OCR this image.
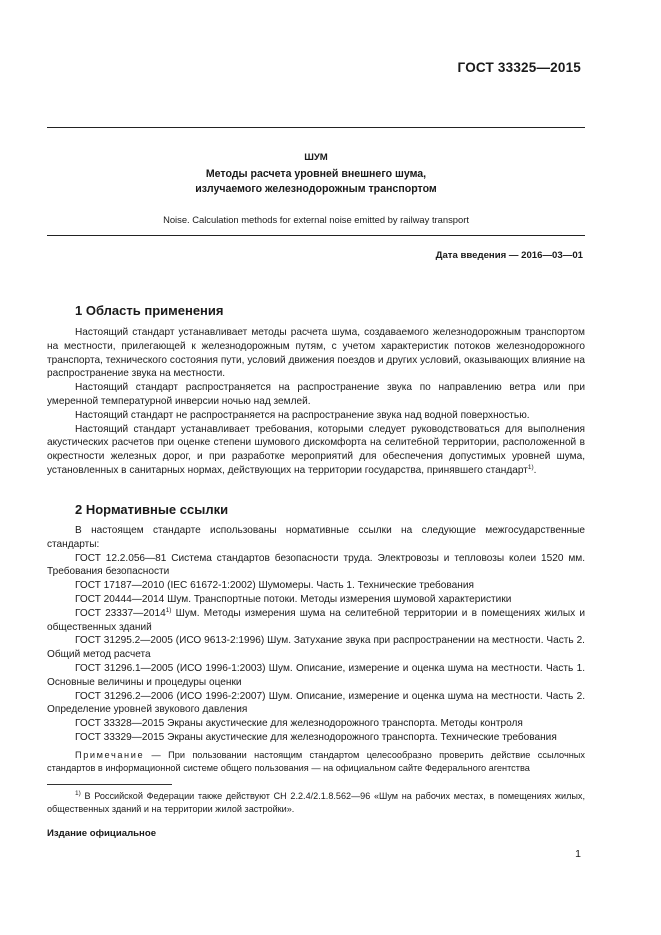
ГОСТ 33325—2015
ШУМ
Методы расчета уровней внешнего шума,
излучаемого железнодорожным транспортом
Noise. Calculation methods for external noise emitted by railway transport
Дата введения — 2016—03—01
1 Область применения

Настоящий стандарт устанавливает методы расчета шума, создаваемого железнодорожным транспортом на местности, прилегающей к железнодорожным путям, с учетом характеристик потоков железнодорожного транспорта, технического состояния пути, условий движения поездов и других условий, оказывающих влияние на распространение звука на местности.

Настоящий стандарт распространяется на распространение звука по направлению ветра или при умеренной температурной инверсии ночью над землей.

Настоящий стандарт не распространяется на распространение звука над водной поверхностью.

Настоящий стандарт устанавливает требования, которыми следует руководствоваться для выполнения акустических расчетов при оценке степени шумового дискомфорта на селитебной территории, расположенной в окрестности железных дорог, и при разработке мероприятий для обеспечения допустимых уровней шума, установленных в санитарных нормах, действующих на территории государства, принявшего стандарт$^{1)}$.

2 Нормативные ссылки

В настоящем стандарте использованы нормативные ссылки на следующие межгосударственные стандарты:

ГОСТ 12.2.056—81 Система стандартов безопасности труда. Электровозы и тепловозы колеи 1520 мм. Требования безопасности

ГОСТ 17187—2010 (IEC 61672-1:2002) Шумомеры. Часть 1. Технические требования

ГОСТ 20444—2014 Шум. Транспортные потоки. Методы измерения шумовой характеристики

ГОСТ 23337—2014$^{1)}$ Шум. Методы измерения шума на селитебной территории и в помещениях жилых и общественных зданий

ГОСТ 31295.2—2005 (ИСО 9613-2:1996) Шум. Затухание звука при распространении на местности. Часть 2. Общий метод расчета

ГОСТ 31296.1—2005 (ИСО 1996-1:2003) Шум. Описание, измерение и оценка шума на местности. Часть 1. Основные величины и процедуры оценки

ГОСТ 31296.2—2006 (ИСО 1996-2:2007) Шум. Описание, измерение и оценка шума на местности. Часть 2. Определение уровней звукового давления

ГОСТ 33328—2015 Экраны акустические для железнодорожного транспорта. Методы контроля

ГОСТ 33329—2015 Экраны акустические для железнодорожного транспорта. Технические требования

Примечание — При пользовании настоящим стандартом целесообразно проверить действие ссылочных стандартов в информационной системе общего пользования — на официальном сайте Федерального агентства

$^{1)}$ В Российской Федерации также действуют СН 2.2.4/2.1.8.562—96 «Шум на рабочих местах, в помещениях жилых, общественных зданий и на территории жилой застройки».

Издание официальное
1
